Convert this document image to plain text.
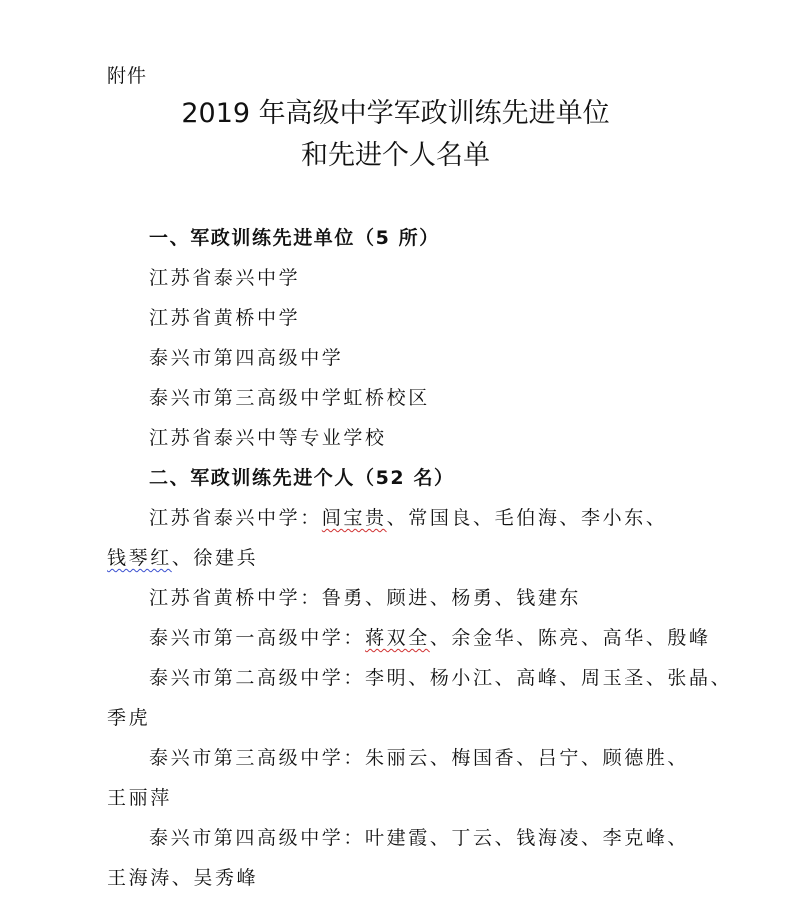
附件
2019 年高级中学军政训练先进单位
和先进个人名单
一、军政训练先进单位（5 所）
江苏省泰兴中学
江苏省黄桥中学
泰兴市第四高级中学
泰兴市第三高级中学虹桥校区
江苏省泰兴中等专业学校
二、军政训练先进个人（52 名）
江苏省泰兴中学：闾宝贵、常国良、毛伯海、李小东、
钱琴红、徐建兵
江苏省黄桥中学：鲁勇、顾进、杨勇、钱建东
泰兴市第一高级中学：蒋双全、余金华、陈亮、高华、殷峰
泰兴市第二高级中学：李明、杨小江、高峰、周玉圣、张晶、
季虎
泰兴市第三高级中学：朱丽云、梅国香、吕宁、顾德胜、
王丽萍
泰兴市第四高级中学：叶建霞、丁云、钱海凌、李克峰、
王海涛、吴秀峰
